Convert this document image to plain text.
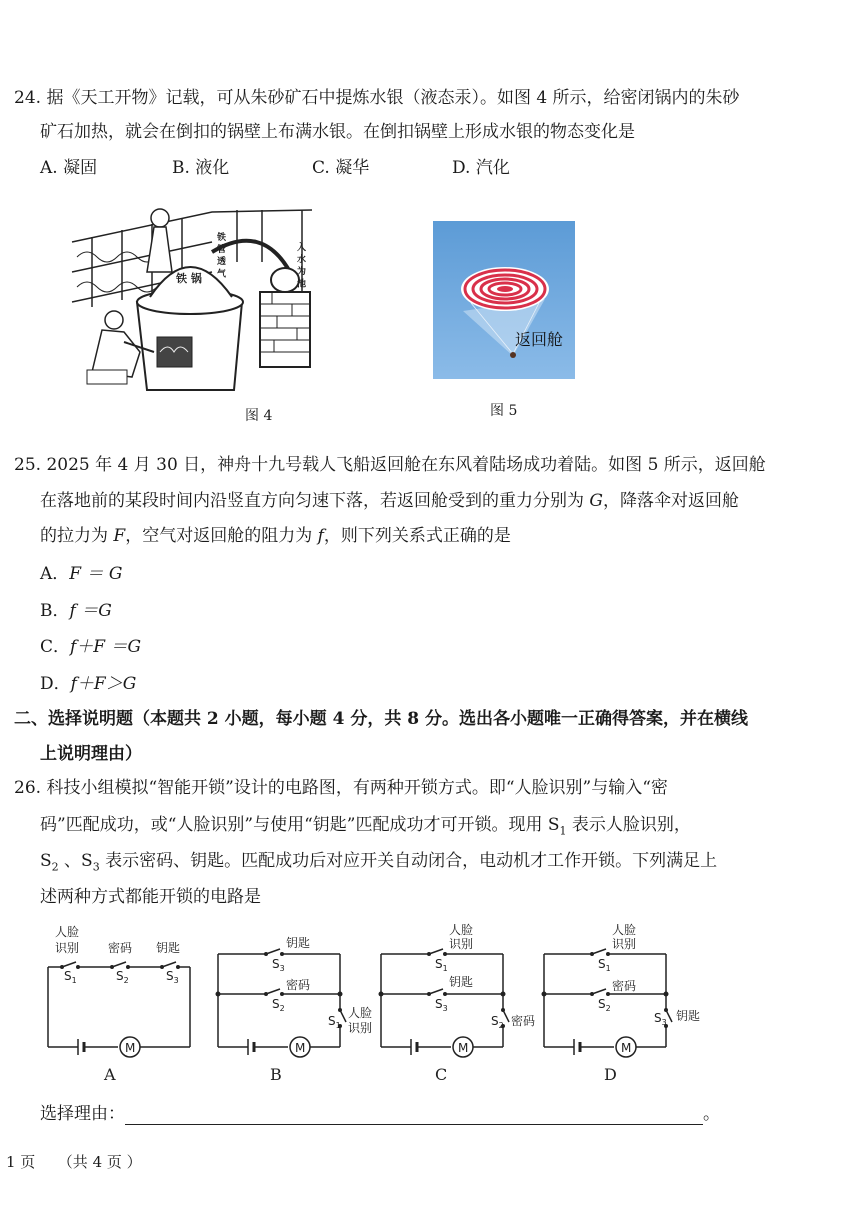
24. 据《天工开物》记载，可从朱砂矿石中提炼水银（液态汞）。如图 4 所示，给密闭锅内的朱砂
矿石加热，就会在倒扣的锅壁上布满水银。在倒扣锅壁上形成水银的物态变化是
A. 凝固	B. 液化	C. 凝华	D. 汽化
铁 锅
铁 管 透 气	入 水 为 池
图 4
返回舱
图 5
25. 2025 年 4 月 30 日，神舟十九号载人飞船返回舱在东风着陆场成功着陆。如图 5 所示，返回舱
在落地前的某段时间内沿竖直方向匀速下落，若返回舱受到的重力分别为 G，降落伞对返回舱
的拉力为 F，空气对返回舱的阻力为 f，则下列关系式正确的是
A．F ＝ G
B．f ＝G
C．f＋F ＝G
D．f＋F＞G
二、选择说明题（本题共 2 小题，每小题 4 分，共 8 分。选出各小题唯一正确得答案，并在横线
上说明理由）
26. 科技小组模拟“智能开锁”设计的电路图，有两种开锁方式。即“人脸识别”与输入“密
码”匹配成功，或“人脸识别”与使用“钥匙”匹配成功才可开锁。现用 $S_1$ 表示人脸识别，
$S_2$ 、$S_3$ 表示密码、钥匙。匹配成功后对应开关自动闭合，电动机才工作开锁。下列满足上
述两种方式都能开锁的电路是
人脸
识别 密码 钥匙
$S_1$	$S_2$	$S_3$
M
A
钥匙
密码
人脸
识别
$S_3$
$S_2$
$S_1$
M
B
人脸
识别
钥匙
密码
$S_1$
$S_3$
$S_2$
M
C
人脸
识别
密码
钥匙
$S_1$
$S_2$
$S_3$
M
D
选择理由：	。
1 页　　（共 4 页 ）
